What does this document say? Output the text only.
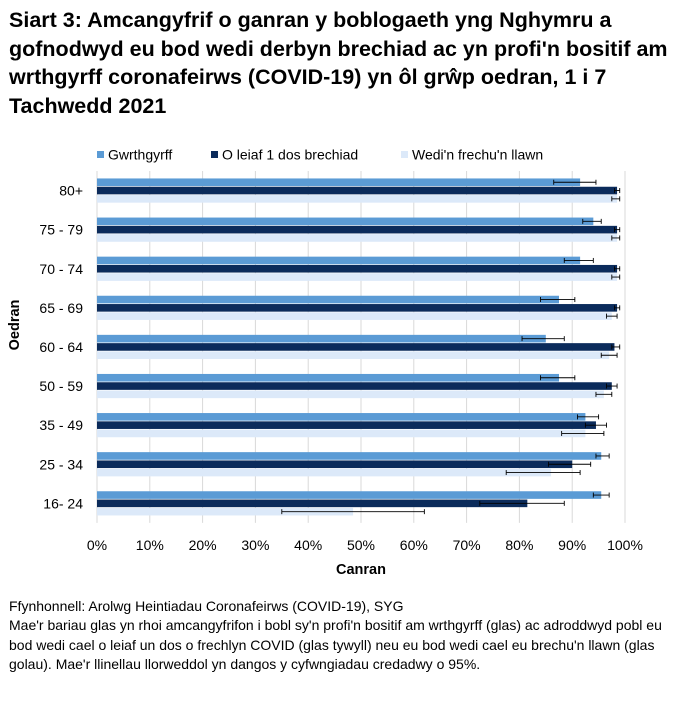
Siart 3: Amcangyfrif o ganran y boblogaeth yng Nghymru a gofnodwyd eu bod wedi derbyn brechiad ac yn profi'n bositif am wrthgyrff coronafeirws (COVID-19) yn ôl grŵp oedran, 1 i 7 Tachwedd 2021
Gwrthgyrff	O leiaf 1 dos brechiad	Wedi'n frechu'n llawn
80+
75 - 79
70 - 74
65 - 69
60 - 64
50 - 59
35 - 49
25 - 34
16- 24
0% 10% 20% 30% 40% 50% 60% 70% 80% 90% 100%
Canran
Oedran

Ffynhonnell: Arolwg Heintiadau Coronafeirws (COVID-19), SYG

Mae'r bariau glas yn rhoi amcangyfrifon i bobl sy'n profi'n bositif am wrthgyrff (glas) ac adroddwyd pobl eu bod wedi cael o leiaf un dos o frechlyn COVID (glas tywyll) neu eu bod wedi cael eu brechu'n llawn (glas golau). Mae'r llinellau llorweddol yn dangos y cyfwngiadau credadwy o 95%.
